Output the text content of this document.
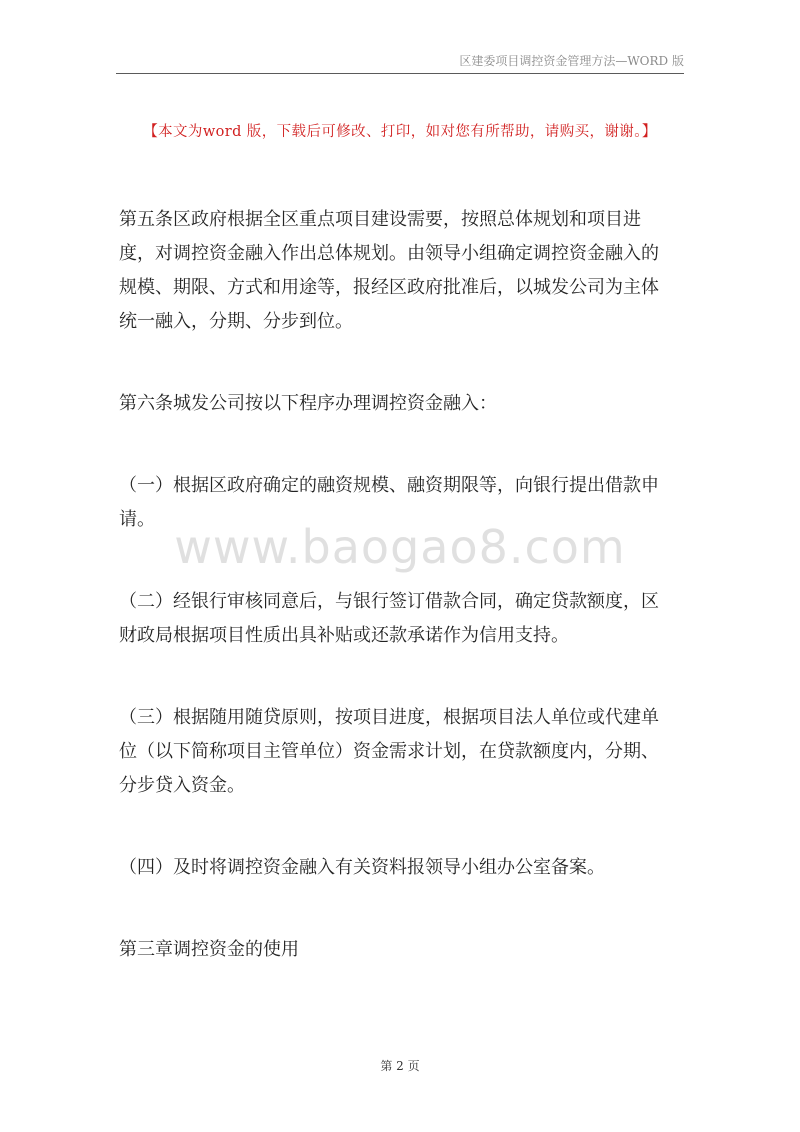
区建委项目调控资金管理方法—WORD 版
【本文为word 版，下载后可修改、打印，如对您有所帮助，请购买，谢谢。】
www.baogao8.com
第五条区政府根据全区重点项目建设需要，按照总体规划和项目进
度，对调控资金融入作出总体规划。由领导小组确定调控资金融入的
规模、期限、方式和用途等，报经区政府批准后，以城发公司为主体
统一融入，分期、分步到位。
第六条城发公司按以下程序办理调控资金融入：
（一）根据区政府确定的融资规模、融资期限等，向银行提出借款申
请。
（二）经银行审核同意后，与银行签订借款合同，确定贷款额度，区
财政局根据项目性质出具补贴或还款承诺作为信用支持。
（三）根据随用随贷原则，按项目进度，根据项目法人单位或代建单
位（以下简称项目主管单位）资金需求计划，在贷款额度内，分期、
分步贷入资金。
（四）及时将调控资金融入有关资料报领导小组办公室备案。
第三章调控资金的使用
第 2 页
